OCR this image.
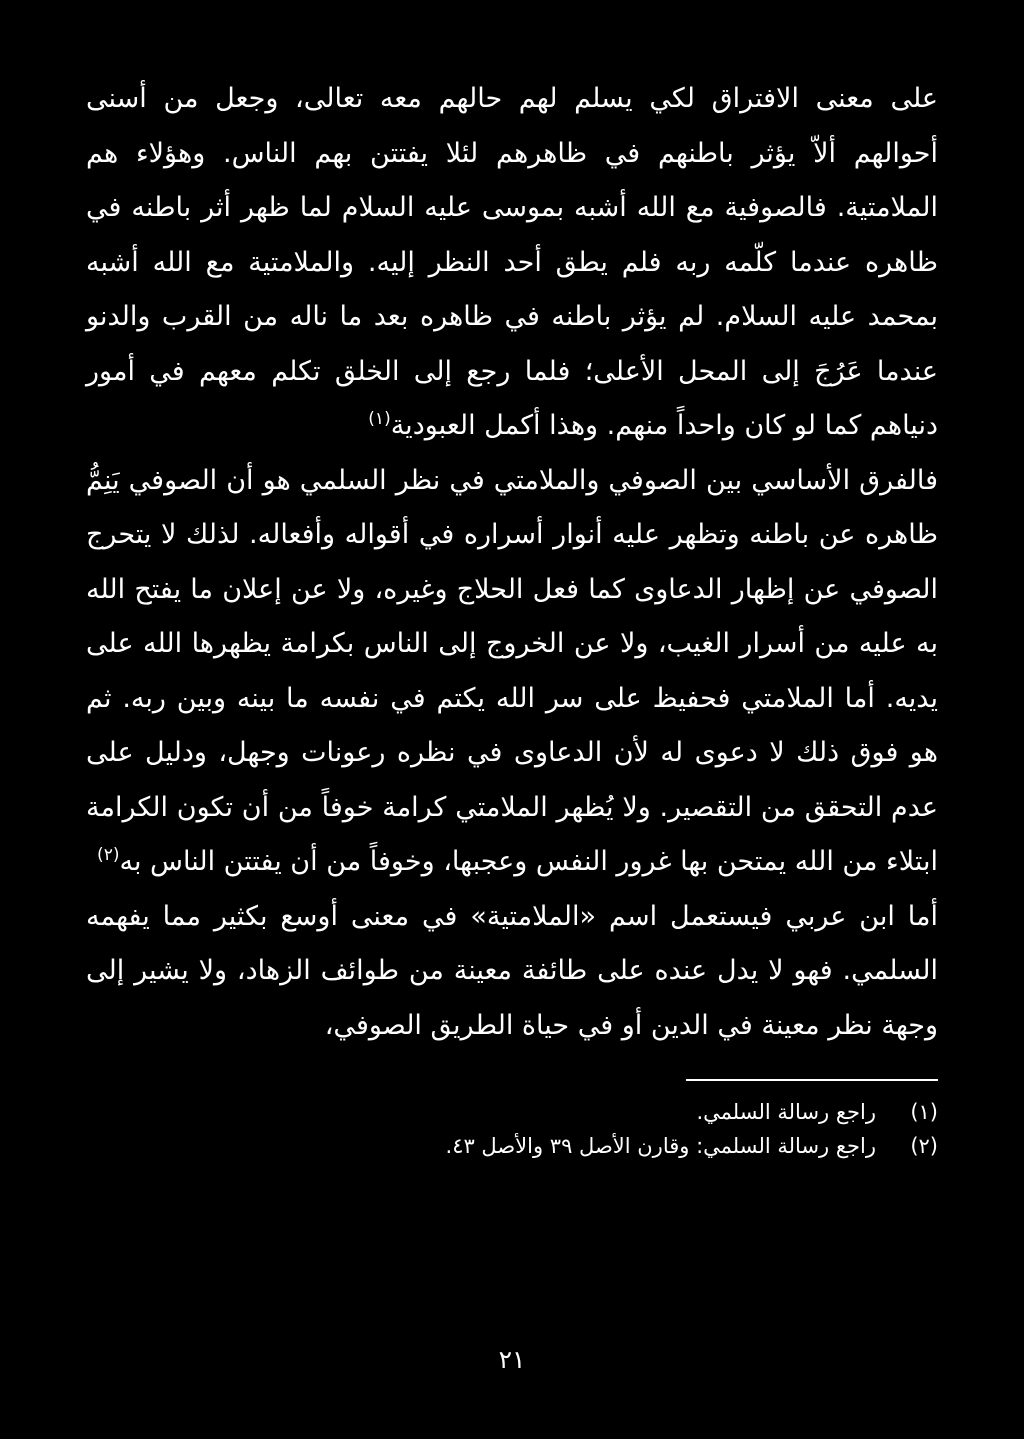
على معنى الافتراق لكي يسلم لهم حالهم معه تعالى، وجعل من أسنى أحوالهم ألاّ يؤثر باطنهم في ظاهرهم لئلا يفتتن بهم الناس. وهؤلاء هم الملامتية. فالصوفية مع الله أشبه بموسى عليه السلام لما ظهر أثر باطنه في ظاهره عندما كلّمه ربه فلم يطق أحد النظر إليه. والملامتية مع الله أشبه بمحمد عليه السلام. لم يؤثر باطنه في ظاهره بعد ما ناله من القرب والدنو عندما عَرُجَ إلى المحل الأعلى؛ فلما رجع إلى الخلق تكلم معهم في أمور دنياهم كما لو كان واحداً منهم. وهذا أكمل العبودية$^{(١)}$

فالفرق الأساسي بين الصوفي والملامتي في نظر السلمي هو أن الصوفي يَنِمُّ ظاهره عن باطنه وتظهر عليه أنوار أسراره في أقواله وأفعاله. لذلك لا يتحرج الصوفي عن إظهار الدعاوى كما فعل الحلاج وغيره، ولا عن إعلان ما يفتح الله به عليه من أسرار الغيب، ولا عن الخروج إلى الناس بكرامة يظهرها الله على يديه. أما الملامتي فحفيظ على سر الله يكتم في نفسه ما بينه وبين ربه. ثم هو فوق ذلك لا دعوى له لأن الدعاوى في نظره رعونات وجهل، ودليل على عدم التحقق من التقصير. ولا يُظهر الملامتي كرامة خوفاً من أن تكون الكرامة ابتلاء من الله يمتحن بها غرور النفس وعجبها، وخوفاً من أن يفتتن الناس به$^{(٢)}$

أما ابن عربي فيستعمل اسم «الملامتية» في معنى أوسع بكثير مما يفهمه السلمي. فهو لا يدل عنده على طائفة معينة من طوائف الزهاد، ولا يشير إلى وجهة نظر معينة في الدين أو في حياة الطريق الصوفي،

(١)
راجع رسالة السلمي.
(٢)
راجع رسالة السلمي: وقارن الأصل ٣٩ والأصل ٤٣.
٢١
